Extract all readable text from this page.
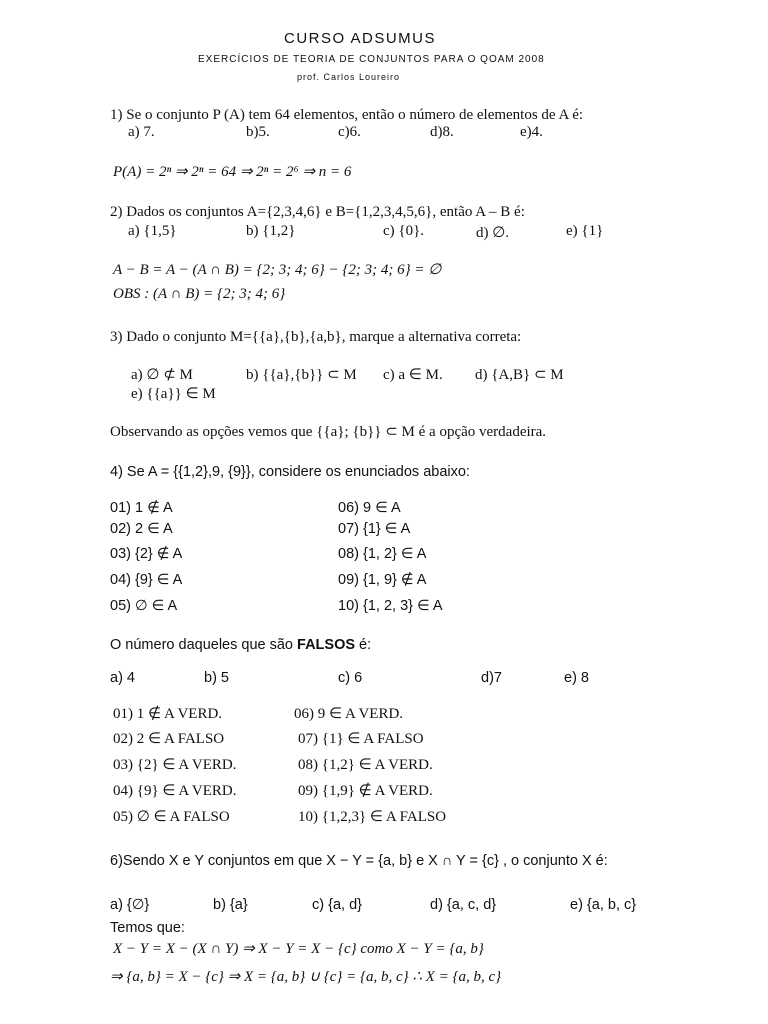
CURSO ADSUMUS
EXERCÍCIOS DE TEORIA DE CONJUNTOS PARA O QOAM 2008
prof. Carlos Loureiro
1) Se o conjunto P (A) tem 64 elementos, então o número de elementos de A é:
a) 7.	b)5.	c)6.	d)8.	e)4.
P(A) = 2ⁿ ⇒ 2ⁿ = 64 ⇒ 2ⁿ = 2⁶ ⇒ n = 6
2) Dados os conjuntos A={2,3,4,6} e B={1,2,3,4,5,6}, então A – B é:
a) {1,5}	b) {1,2}	c) {0}.	d) ∅.	e) {1}
A − B = A − (A ∩ B) = {2; 3; 4; 6} − {2; 3; 4; 6} = ∅
OBS : (A ∩ B) = {2; 3; 4; 6}
3) Dado o conjunto M={{a},{b},{a,b}, marque a alternativa correta:
a) ∅ ⊄ M	b) {{a},{b}} ⊂ M c) a ∈ M. d) {A,B} ⊂ M
e) {{a}} ∈ M
Observando as opções vemos que {{a}; {b}} ⊂ M é a opção verdadeira.
4) Se A = {{1,2},9, {9}}, considere os enunciados abaixo:
01) 1 ∉ A
02) 2 ∈ A
03) {2} ∉ A
04) {9} ∈ A
05) ∅ ∈ A
06) 9 ∈ A
07) {1} ∈ A
08) {1, 2} ∈ A
09) {1, 9} ∉ A
10) {1, 2, 3} ∈ A
O número daqueles que são FALSOS é:
a) 4	b) 5	c) 6	d)7	e) 8
01) 1 ∉ A VERD.
02) 2 ∈ A FALSO
03) {2} ∈ A VERD.
04) {9} ∈ A VERD.
05) ∅ ∈ A FALSO
06) 9 ∈ A VERD.
07) {1} ∈ A FALSO
08) {1,2} ∈ A VERD.
09) {1,9} ∉ A VERD.
10) {1,2,3} ∈ A FALSO
6)Sendo X e Y conjuntos em que X − Y = {a, b} e X ∩ Y = {c} , o conjunto X é:
a) {∅}	b) {a}	c) {a, d}	d) {a, c, d}	e) {a, b, c}
Temos que:
X − Y = X − (X ∩ Y) ⇒ X − Y = X − {c} como X − Y = {a, b}
⇒ {a, b} = X − {c} ⇒ X = {a, b} ∪ {c} = {a, b, c} ∴ X = {a, b, c}
